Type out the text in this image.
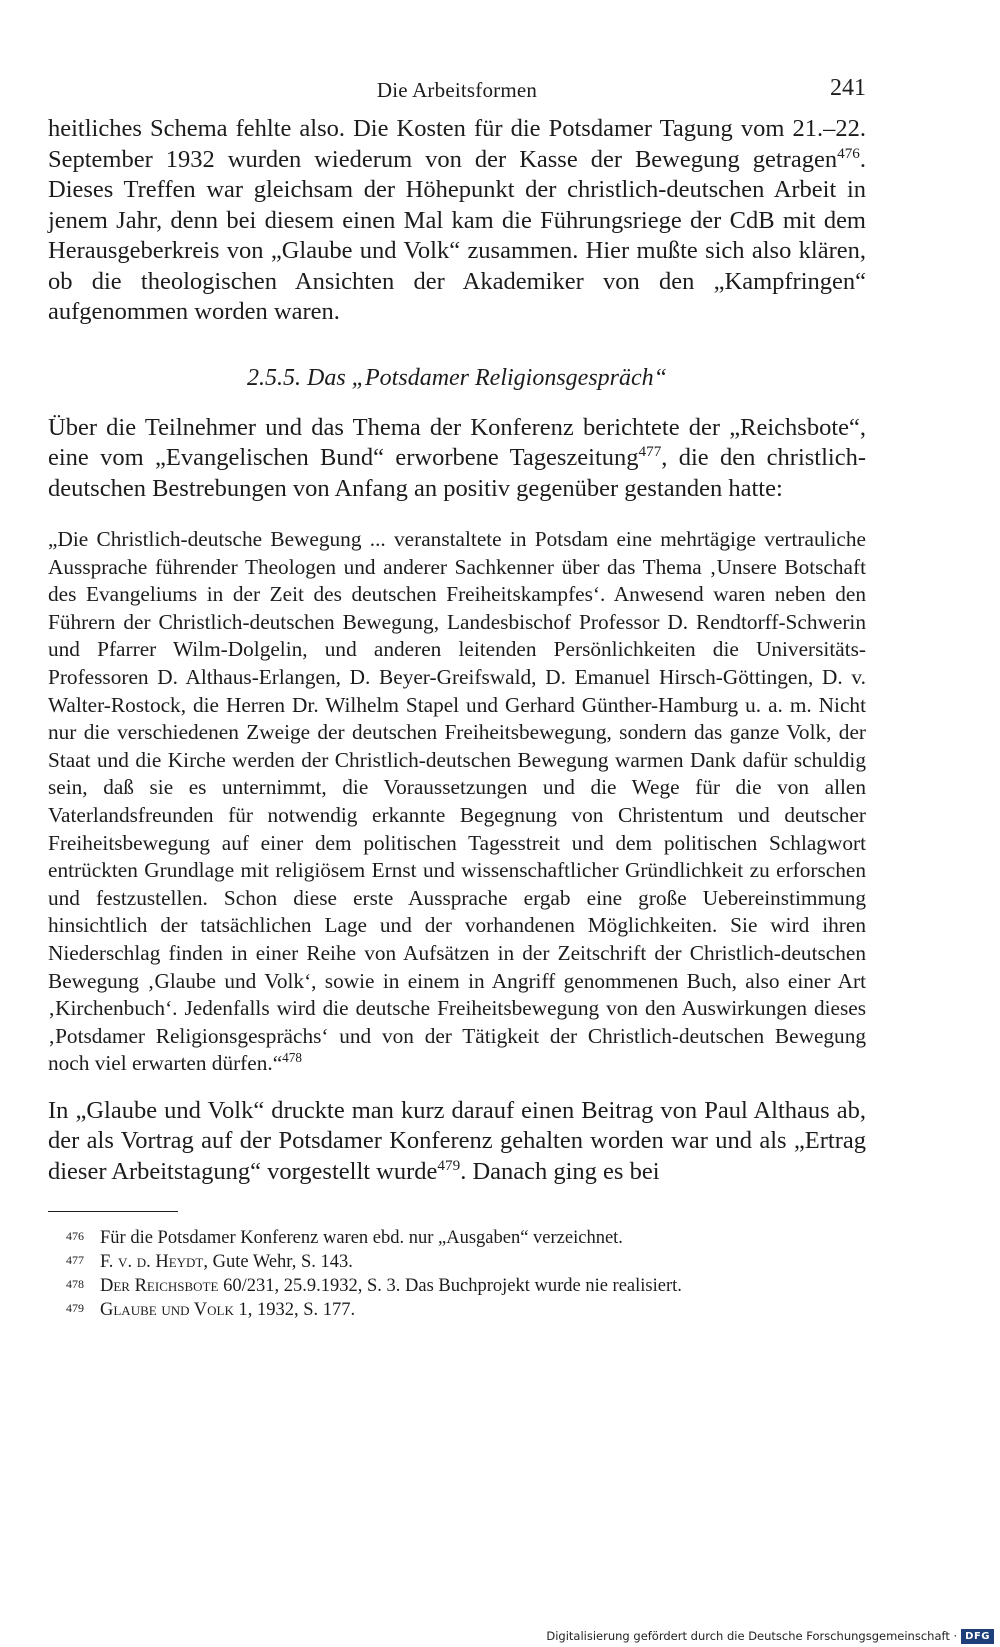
Die Arbeitsformen	241

heitliches Schema fehlte also. Die Kosten für die Potsdamer Tagung vom 21.–22. September 1932 wurden wiederum von der Kasse der Bewegung getragen$^{476}$. Dieses Treffen war gleichsam der Höhepunkt der christlich-deutschen Arbeit in jenem Jahr, denn bei diesem einen Mal kam die Führungsriege der CdB mit dem Herausgeberkreis von „Glaube und Volk“ zusammen. Hier mußte sich also klären, ob die theologischen Ansichten der Akademiker von den „Kampfringen“ aufgenommen worden waren.

2.5.5. Das „Potsdamer Religionsgespräch“

Über die Teilnehmer und das Thema der Konferenz berichtete der „Reichsbote“, eine vom „Evangelischen Bund“ erworbene Tageszeitung$^{477}$, die den christlich-deutschen Bestrebungen von Anfang an positiv gegenüber gestanden hatte:

„Die Christlich-deutsche Bewegung ... veranstaltete in Potsdam eine mehrtägige vertrauliche Aussprache führender Theologen und anderer Sachkenner über das Thema ‚Unsere Botschaft des Evangeliums in der Zeit des deutschen Freiheitskampfes‘. Anwesend waren neben den Führern der Christlich-deutschen Bewegung, Landesbischof Professor D. Rendtorff-Schwerin und Pfarrer Wilm-Dolgelin, und anderen leitenden Persönlichkeiten die Universitäts-Professoren D. Althaus-Erlangen, D. Beyer-Greifswald, D. Emanuel Hirsch-Göttingen, D. v. Walter-Rostock, die Herren Dr. Wilhelm Stapel und Gerhard Günther-Hamburg u. a. m. Nicht nur die verschiedenen Zweige der deutschen Freiheitsbewegung, sondern das ganze Volk, der Staat und die Kirche werden der Christlich-deutschen Bewegung warmen Dank dafür schuldig sein, daß sie es unternimmt, die Voraussetzungen und die Wege für die von allen Vaterlandsfreunden für notwendig erkannte Begegnung von Christentum und deutscher Freiheitsbewegung auf einer dem politischen Tagesstreit und dem politischen Schlagwort entrückten Grundlage mit religiösem Ernst und wissenschaftlicher Gründlichkeit zu erforschen und festzustellen. Schon diese erste Aussprache ergab eine große Uebereinstimmung hinsichtlich der tatsächlichen Lage und der vorhandenen Möglichkeiten. Sie wird ihren Niederschlag finden in einer Reihe von Aufsätzen in der Zeitschrift der Christlich-deutschen Bewegung ‚Glaube und Volk‘, sowie in einem in Angriff genommenen Buch, also einer Art ‚Kirchenbuch‘. Jedenfalls wird die deutsche Freiheitsbewegung von den Auswirkungen dieses ‚Potsdamer Religionsgesprächs‘ und von der Tätigkeit der Christlich-deutschen Bewegung noch viel erwarten dürfen.“$^{478}$

In „Glaube und Volk“ druckte man kurz darauf einen Beitrag von Paul Althaus ab, der als Vortrag auf der Potsdamer Konferenz gehalten worden war und als „Ertrag dieser Arbeitstagung“ vorgestellt wurde$^{479}$. Danach ging es bei

476 Für die Potsdamer Konferenz waren ebd. nur „Ausgaben“ verzeichnet.
477 F. v. d. Heydt, Gute Wehr, S. 143.
478 Der Reichsbote 60/231, 25.9.1932, S. 3. Das Buchprojekt wurde nie realisiert.
479 Glaube und Volk 1, 1932, S. 177.
Digitalisierung gefördert durch die Deutsche Forschungsgemeinschaft · DFG
